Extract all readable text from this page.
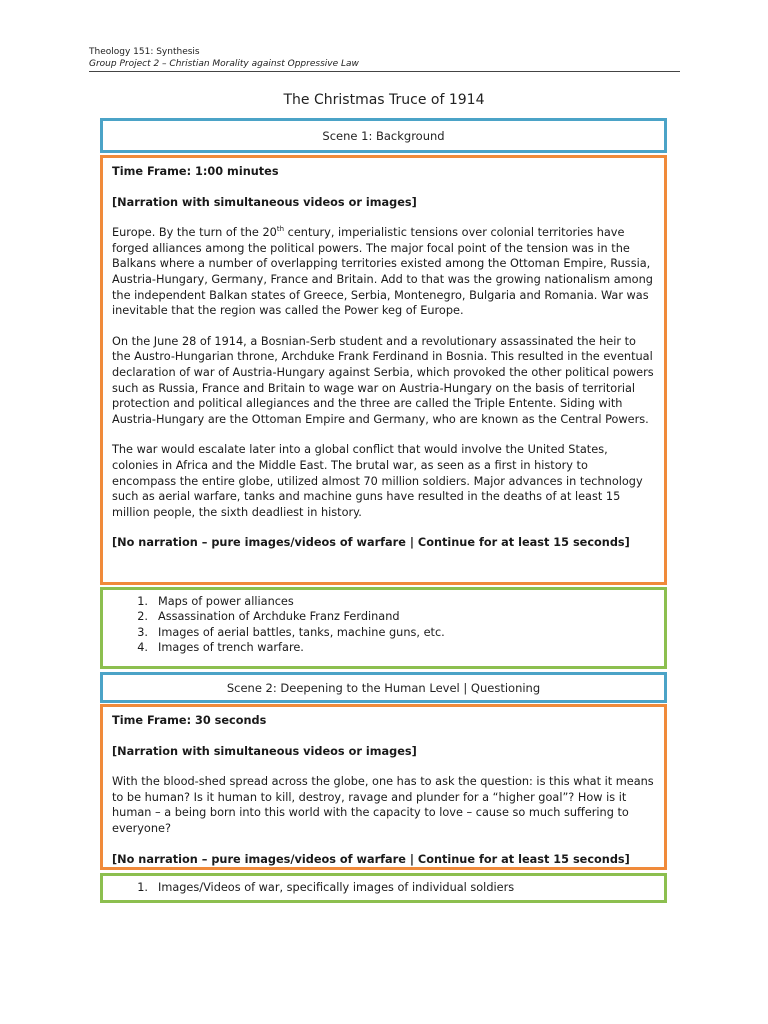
Theology 151: Synthesis
Group Project 2 – Christian Morality against Oppressive Law
The Christmas Truce of 1914
Scene 1: Background

Time Frame: 1:00 minutes

[Narration with simultaneous videos or images]

Europe. By the turn of the 20th century, imperialistic tensions over colonial territories have forged alliances among the political powers. The major focal point of the tension was in the Balkans where a number of overlapping territories existed among the Ottoman Empire, Russia, Austria-Hungary, Germany, France and Britain. Add to that was the growing nationalism among the independent Balkan states of Greece, Serbia, Montenegro, Bulgaria and Romania. War was inevitable that the region was called the Power keg of Europe.

On the June 28 of 1914, a Bosnian-Serb student and a revolutionary assassinated the heir to the Austro-Hungarian throne, Archduke Frank Ferdinand in Bosnia. This resulted in the eventual declaration of war of Austria-Hungary against Serbia, which provoked the other political powers such as Russia, France and Britain to wage war on Austria-Hungary on the basis of territorial protection and political allegiances and the three are called the Triple Entente. Siding with Austria-Hungary are the Ottoman Empire and Germany, who are known as the Central Powers.

The war would escalate later into a global conflict that would involve the United States, colonies in Africa and the Middle East. The brutal war, as seen as a first in history to encompass the entire globe, utilized almost 70 million soldiers. Major advances in technology such as aerial warfare, tanks and machine guns have resulted in the deaths of at least 15 million people, the sixth deadliest in history.

[No narration – pure images/videos of warfare | Continue for at least 15 seconds]

1. Maps of power alliances
2. Assassination of Archduke Franz Ferdinand
3. Images of aerial battles, tanks, machine guns, etc.
4. Images of trench warfare.
Scene 2: Deepening to the Human Level | Questioning

Time Frame: 30 seconds

[Narration with simultaneous videos or images]

With the blood-shed spread across the globe, one has to ask the question: is this what it means to be human? Is it human to kill, destroy, ravage and plunder for a “higher goal”? How is it human – a being born into this world with the capacity to love – cause so much suffering to everyone?

[No narration – pure images/videos of warfare | Continue for at least 15 seconds]

1. Images/Videos of war, specifically images of individual soldiers
